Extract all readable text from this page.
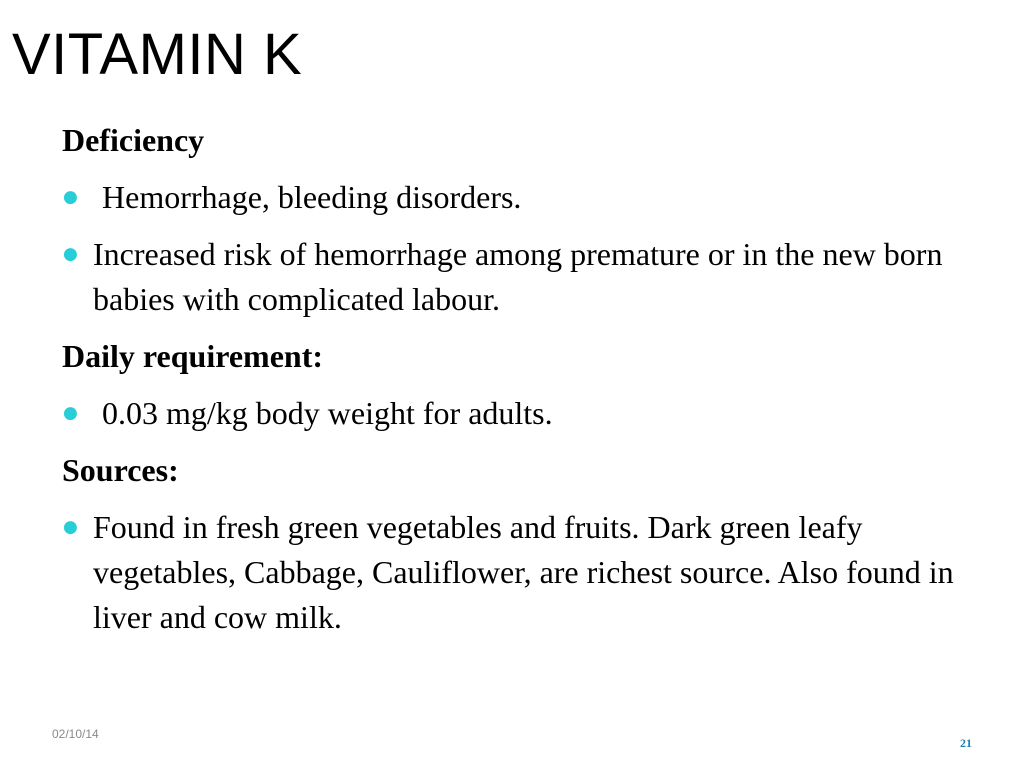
VITAMIN K
Deficiency
● Hemorrhage, bleeding disorders.
● Increased risk of hemorrhage among premature or in the new born babies with complicated labour.
Daily requirement:
● 0.03 mg/kg body weight for adults.
Sources:
● Found in fresh green vegetables and fruits. Dark green leafy vegetables, Cabbage, Cauliflower, are richest source. Also found in liver and cow milk.
02/10/14
21
